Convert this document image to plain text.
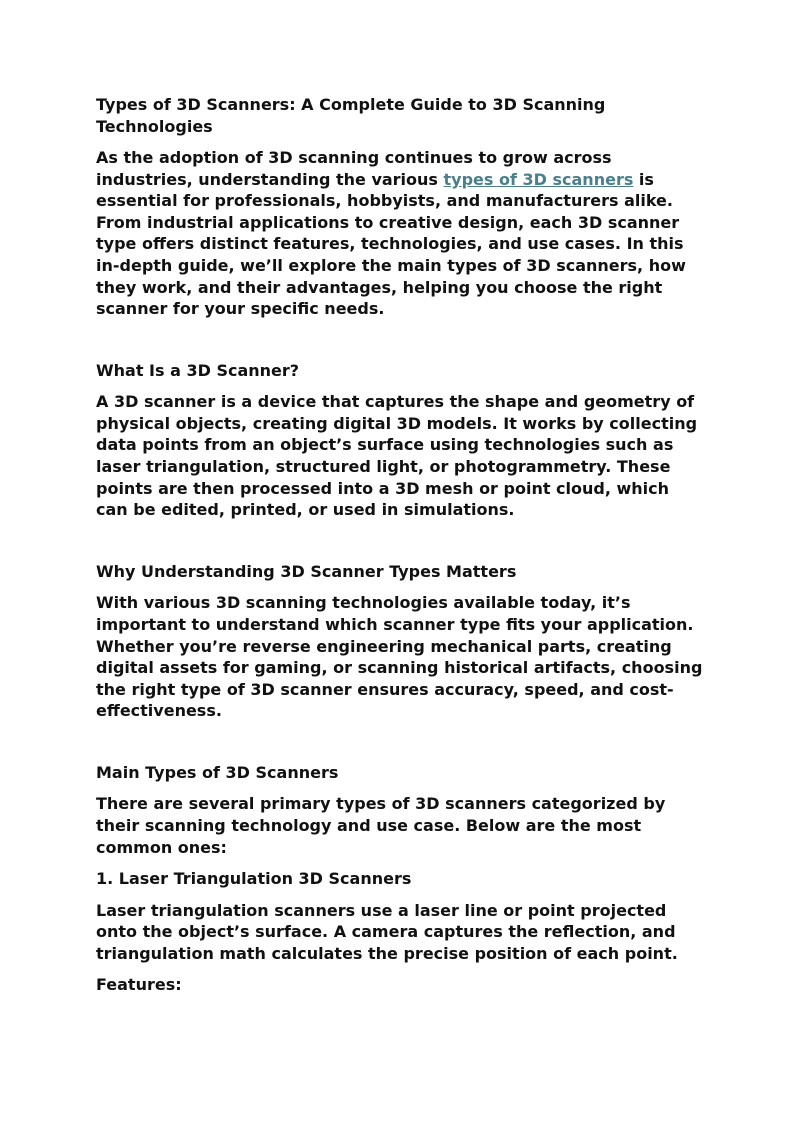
Types of 3D Scanners: A Complete Guide to 3D Scanning Technologies
As the adoption of 3D scanning continues to grow across industries, understanding the various types of 3D scanners is essential for professionals, hobbyists, and manufacturers alike. From industrial applications to creative design, each 3D scanner type offers distinct features, technologies, and use cases. In this in-depth guide, we’ll explore the main types of 3D scanners, how they work, and their advantages, helping you choose the right scanner for your specific needs.
What Is a 3D Scanner?
A 3D scanner is a device that captures the shape and geometry of physical objects, creating digital 3D models. It works by collecting data points from an object’s surface using technologies such as laser triangulation, structured light, or photogrammetry. These points are then processed into a 3D mesh or point cloud, which can be edited, printed, or used in simulations.
Why Understanding 3D Scanner Types Matters
With various 3D scanning technologies available today, it’s important to understand which scanner type fits your application. Whether you’re reverse engineering mechanical parts, creating digital assets for gaming, or scanning historical artifacts, choosing the right type of 3D scanner ensures accuracy, speed, and cost-effectiveness.
Main Types of 3D Scanners
There are several primary types of 3D scanners categorized by their scanning technology and use case. Below are the most common ones:
1. Laser Triangulation 3D Scanners
Laser triangulation scanners use a laser line or point projected onto the object’s surface. A camera captures the reflection, and triangulation math calculates the precise position of each point.
Features:
